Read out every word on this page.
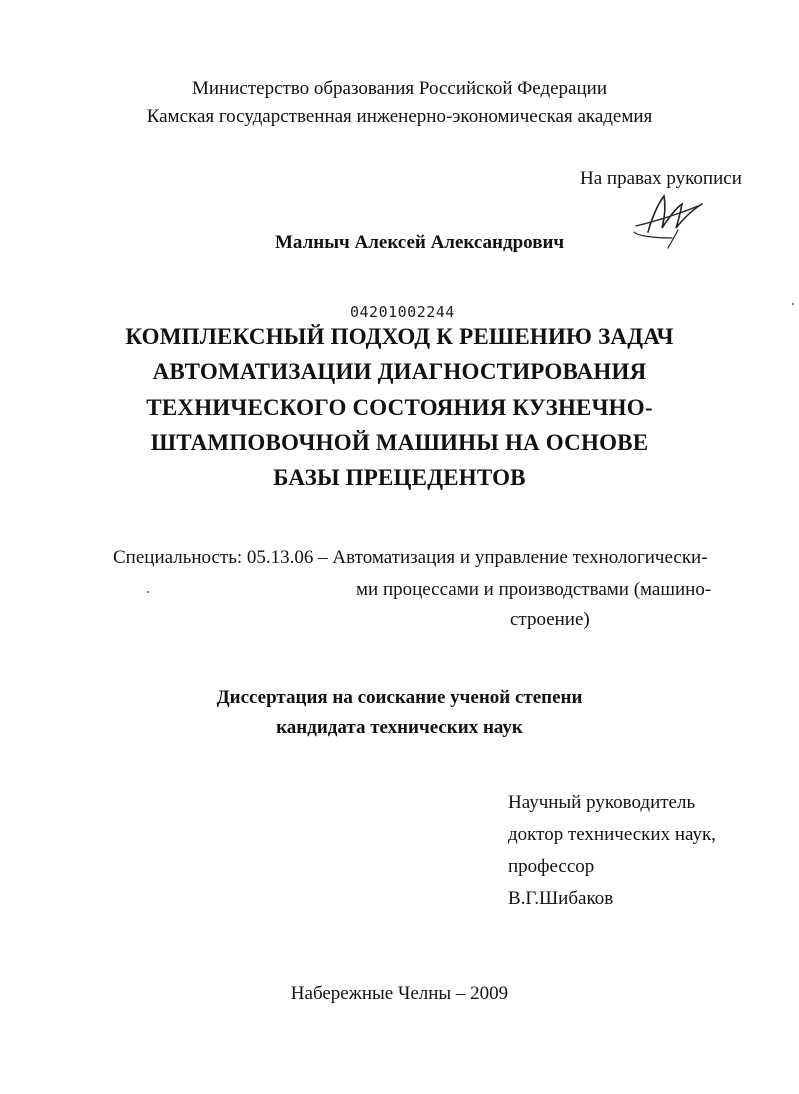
Министерство образования Российской Федерации
Камская государственная инженерно-экономическая академия
На правах рукописи
Малныч Алексей Александрович
04201002244
КОМПЛЕКСНЫЙ ПОДХОД К РЕШЕНИЮ ЗАДАЧ
АВТОМАТИЗАЦИИ ДИАГНОСТИРОВАНИЯ
ТЕХНИЧЕСКОГО СОСТОЯНИЯ КУЗНЕЧНО-
ШТАМПОВОЧНОЙ МАШИНЫ НА ОСНОВЕ
БАЗЫ ПРЕЦЕДЕНТОВ
Специальность: 05.13.06 – Автоматизация и управление технологически-
ми процессами и производствами (машино-
строение)
Диссертация на соискание ученой степени
кандидата технических наук
Научный руководитель
доктор технических наук,
профессор
В.Г.Шибаков
Набережные Челны – 2009
